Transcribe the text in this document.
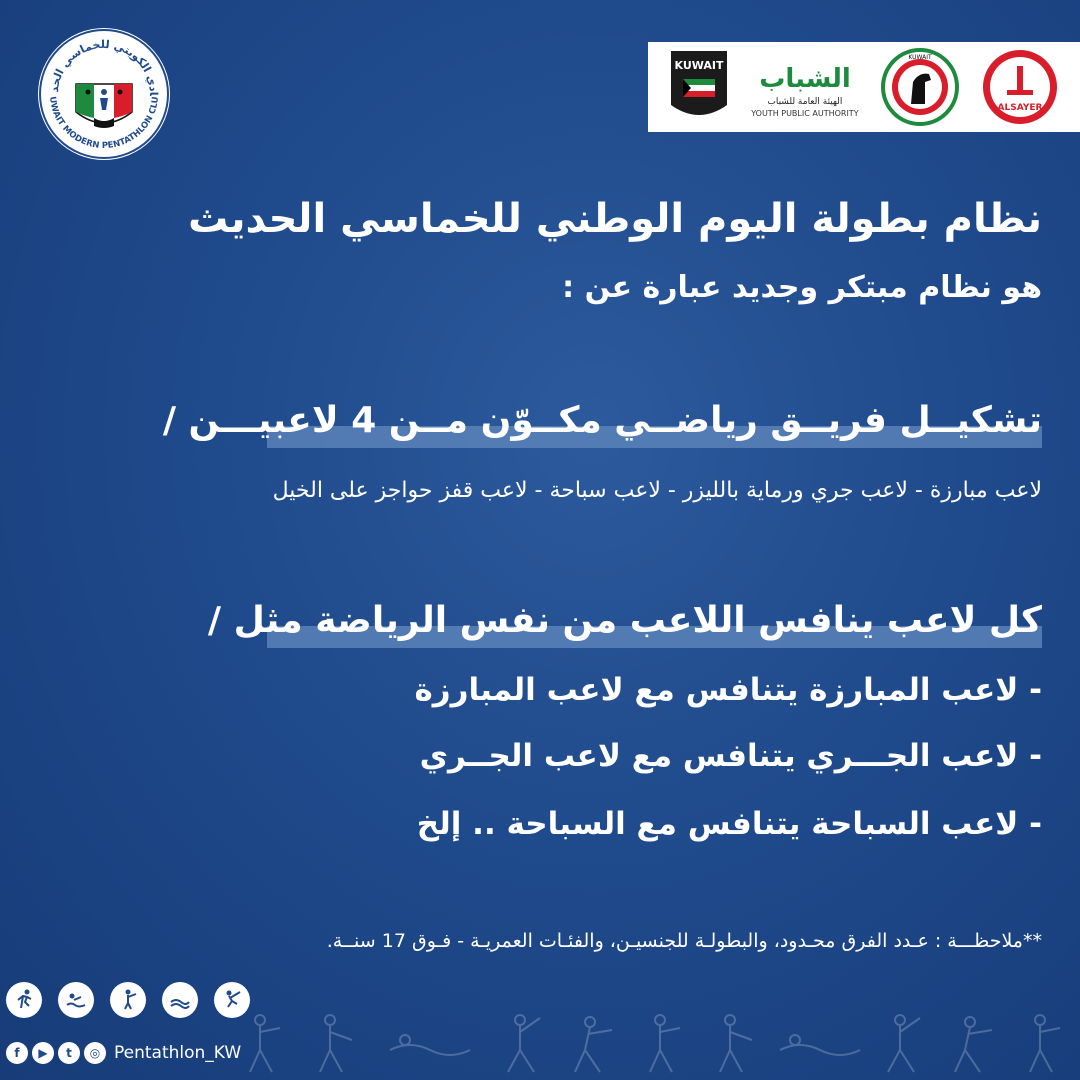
ادي الكويتي للخماسي الحد
UWAIT MODERN PENTATHLON CLU
KUWAIT الشباب
الهيئة العامة للشباب
YOUTH PUBLIC AUTHORITY
KUWAIT
ALSAYER
نظام بطولة اليوم الوطني للخماسي الحديث
هو نظام مبتكر وجديد عبارة عن :
تشكيــل فريــق رياضــي مكــوّن مــن 4 لاعبيـــن /
لاعب مبارزة - لاعب جري ورماية بالليزر - لاعب سباحة - لاعب قفز حواجز على الخيل
كل لاعب ينافس اللاعب من نفس الرياضة مثل /
- لاعب المبارزة يتنافس مع لاعب المبارزة
- لاعب الجـــري يتنافس مع لاعب الجــري
- لاعب السباحة يتنافس مع السباحة .. إلخ
**ملاحظـــة : عـدد الفرق محـدود، والبطولـة للجنسيـن، والفئـات العمريـة - فـوق 17 سنــة.
f	▶	t	◎ Pentathlon_KW
